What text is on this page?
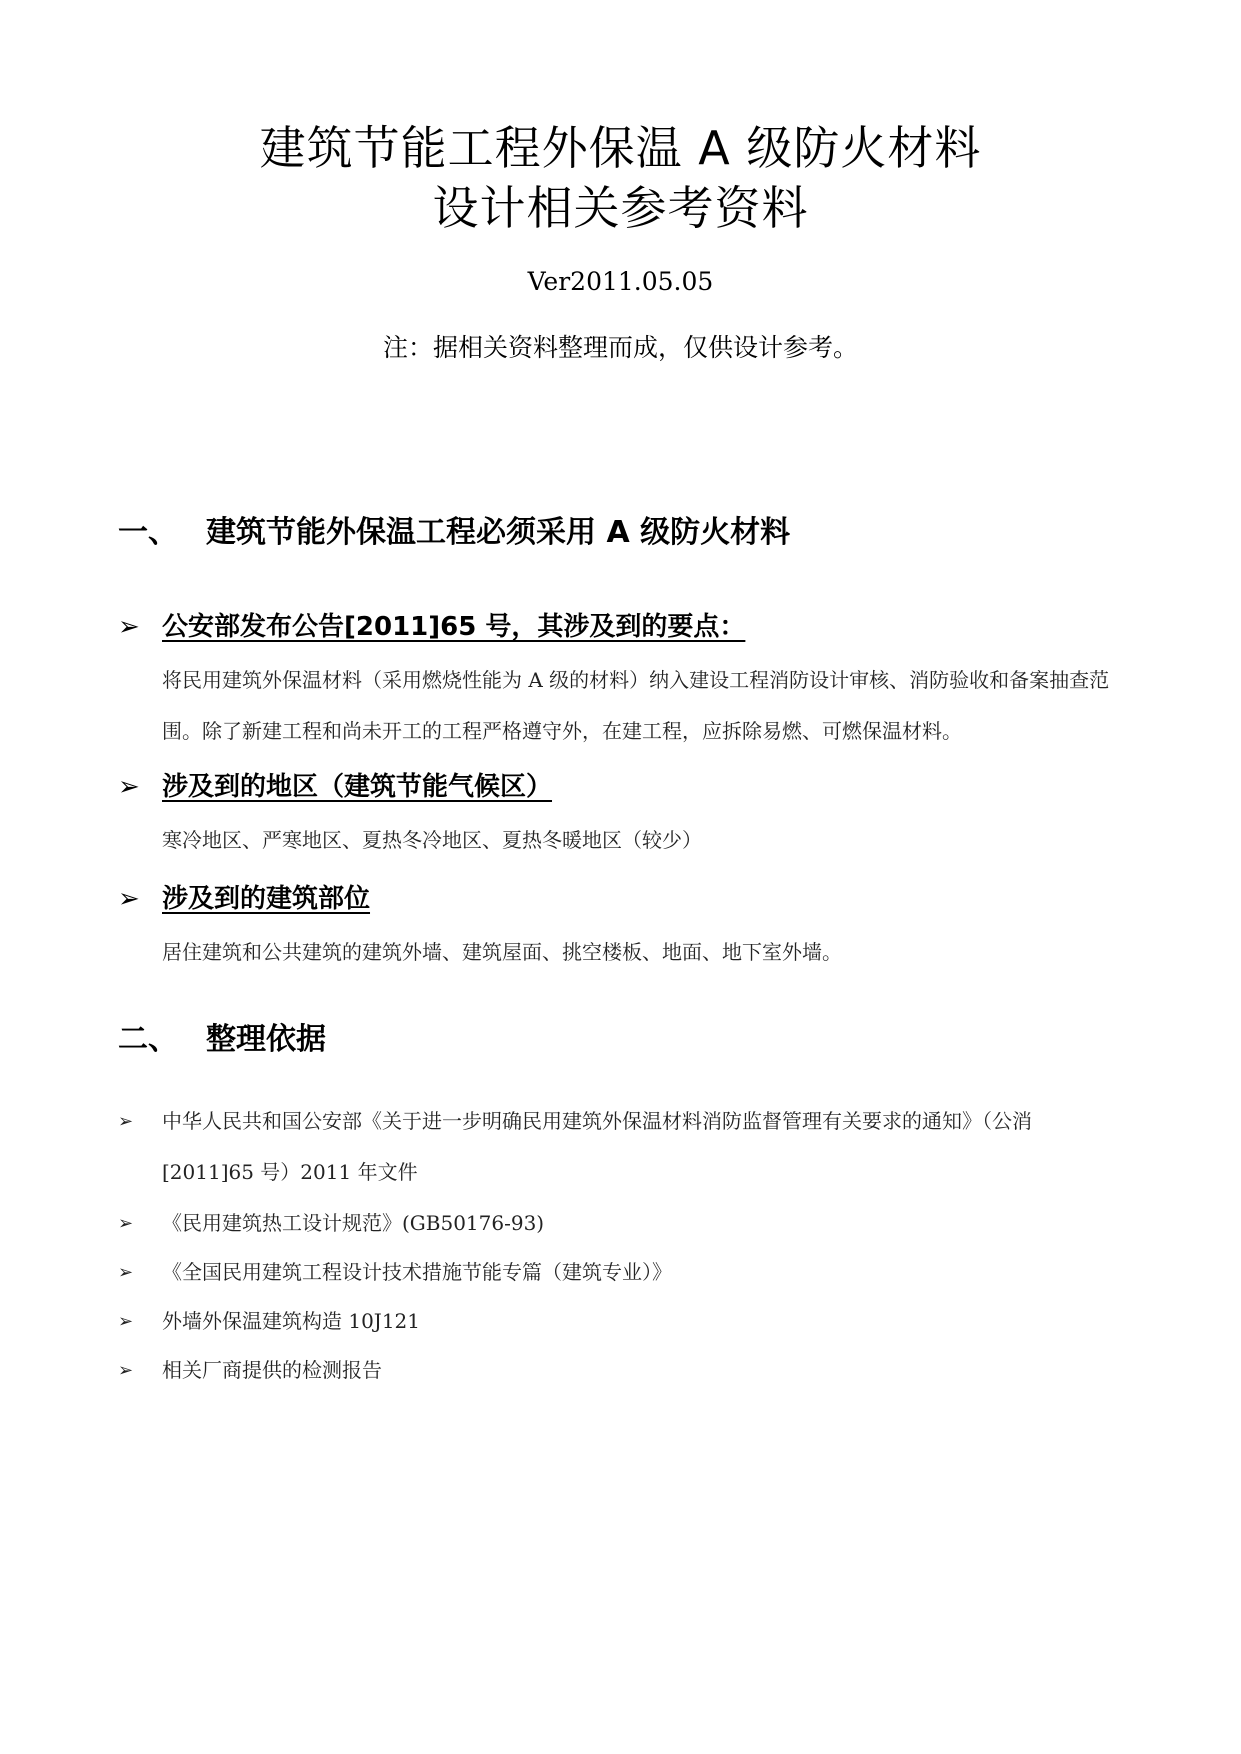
建筑节能工程外保温 A 级防火材料
设计相关参考资料
Ver2011.05.05
注：据相关资料整理而成，仅供设计参考。
一、 建筑节能外保温工程必须采用 A 级防火材料
➢ 公安部发布公告[2011]65 号，其涉及到的要点：
将民用建筑外保温材料（采用燃烧性能为 A 级的材料）纳入建设工程消防设计审核、消防验收和备案抽查范围。除了新建工程和尚未开工的工程严格遵守外，在建工程，应拆除易燃、可燃保温材料。
➢ 涉及到的地区（建筑节能气候区）
寒冷地区、严寒地区、夏热冬冷地区、夏热冬暖地区（较少）
➢ 涉及到的建筑部位
居住建筑和公共建筑的建筑外墙、建筑屋面、挑空楼板、地面、地下室外墙。
二、 整理依据
➢ 中华人民共和国公安部《关于进一步明确民用建筑外保温材料消防监督管理有关要求的通知》（公消[2011]65 号）2011 年文件
➢ 《民用建筑热工设计规范》(GB50176-93)
➢ 《全国民用建筑工程设计技术措施节能专篇（建筑专业）》
➢ 外墙外保温建筑构造 10J121
➢ 相关厂商提供的检测报告
